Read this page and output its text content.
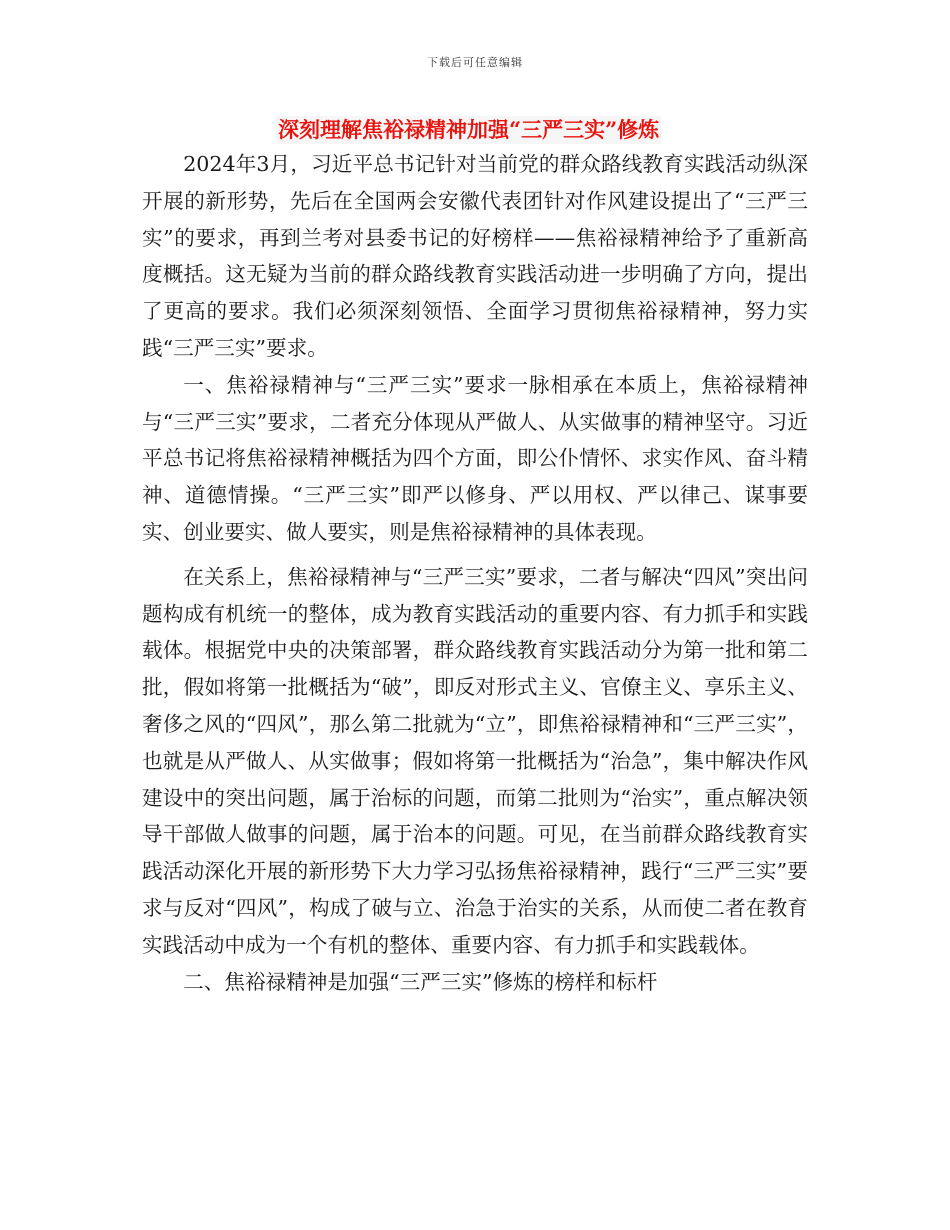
下载后可任意编辑
深刻理解焦裕禄精神加强“三严三实”修炼

2024年3月，习近平总书记针对当前党的群众路线教育实践活动纵深开展的新形势，先后在全国两会安徽代表团针对作风建设提出了“三严三实”的要求，再到兰考对县委书记的好榜样——焦裕禄精神给予了重新高度概括。这无疑为当前的群众路线教育实践活动进一步明确了方向，提出了更高的要求。我们必须深刻领悟、全面学习贯彻焦裕禄精神，努力实践“三严三实”要求。

一、焦裕禄精神与“三严三实”要求一脉相承在本质上，焦裕禄精神与“三严三实”要求，二者充分体现从严做人、从实做事的精神坚守。习近平总书记将焦裕禄精神概括为四个方面，即公仆情怀、求实作风、奋斗精神、道德情操。“三严三实”即严以修身、严以用权、严以律己、谋事要实、创业要实、做人要实，则是焦裕禄精神的具体表现。

在关系上，焦裕禄精神与“三严三实”要求，二者与解决“四风”突出问题构成有机统一的整体，成为教育实践活动的重要内容、有力抓手和实践载体。根据党中央的决策部署，群众路线教育实践活动分为第一批和第二批，假如将第一批概括为“破”，即反对形式主义、官僚主义、享乐主义、奢侈之风的“四风”，那么第二批就为“立”，即焦裕禄精神和“三严三实”，也就是从严做人、从实做事；假如将第一批概括为“治急”，集中解决作风建设中的突出问题，属于治标的问题，而第二批则为“治实”，重点解决领导干部做人做事的问题，属于治本的问题。可见，在当前群众路线教育实践活动深化开展的新形势下大力学习弘扬焦裕禄精神，践行“三严三实”要求与反对“四风”，构成了破与立、治急于治实的关系，从而使二者在教育实践活动中成为一个有机的整体、重要内容、有力抓手和实践载体。

二、焦裕禄精神是加强“三严三实”修炼的榜样和标杆
